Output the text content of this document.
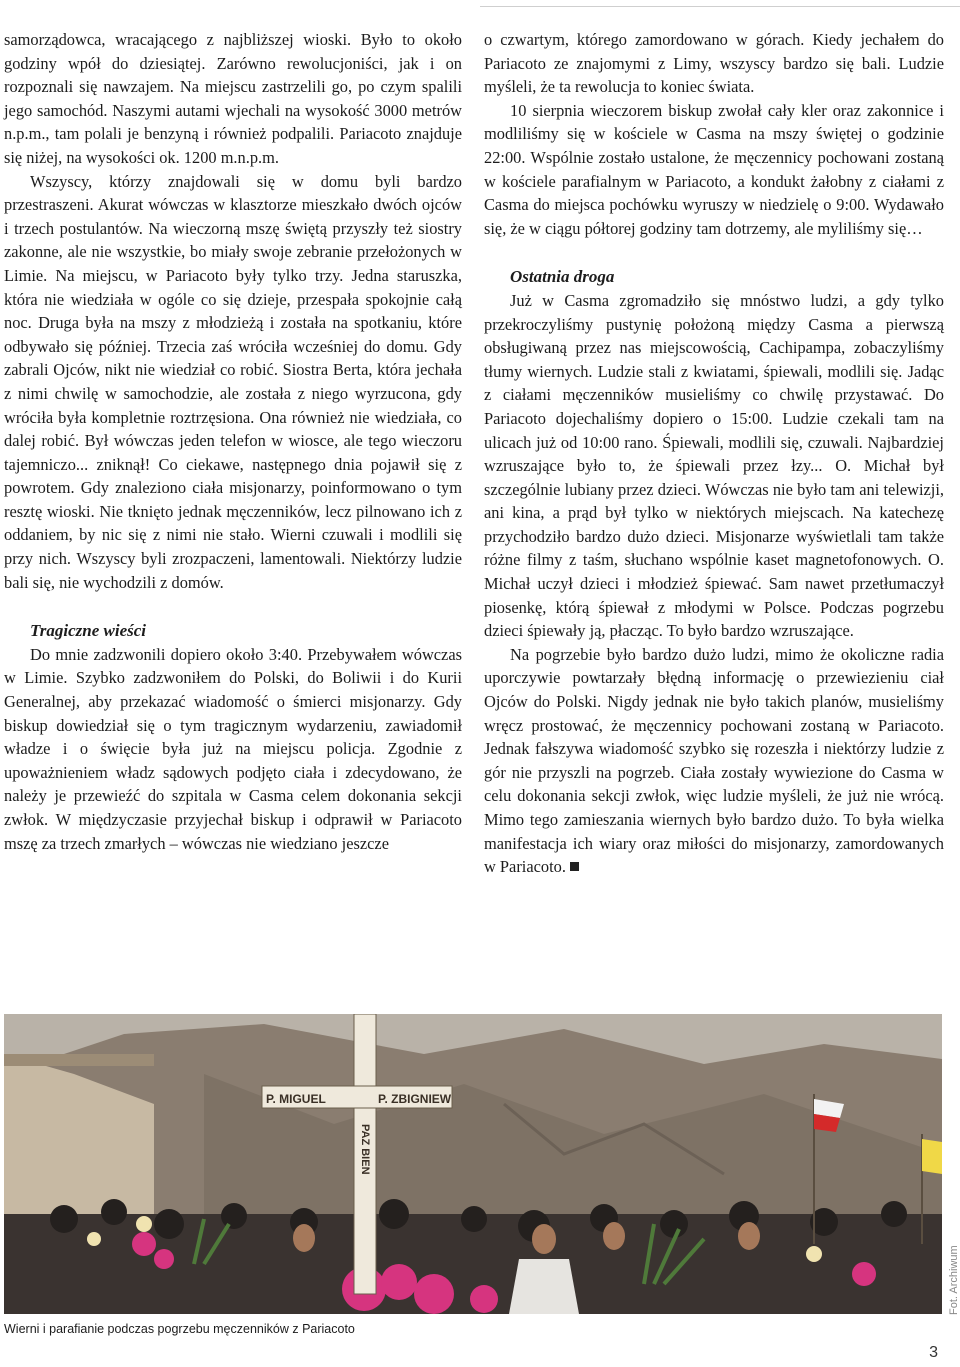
samorządowca, wracającego z najbliższej wioski. Było to około godziny wpół do dziesiątej. Zarówno rewolucjoniści, jak i on rozpoznali się nawzajem. Na miejscu zastrzelili go, po czym spalili jego samochód. Naszymi autami wjechali na wysokość 3000 metrów n.p.m., tam polali je benzyną i również podpalili. Pariacoto znajduje się niżej, na wysokości ok. 1200 m.n.p.m.

Wszyscy, którzy znajdowali się w domu byli bardzo przestraszeni. Akurat wówczas w klasztorze mieszkało dwóch ojców i trzech postulantów. Na wieczorną mszę świętą przyszły też siostry zakonne, ale nie wszystkie, bo miały swoje zebranie przełożonych w Limie. Na miejscu, w Pariacoto były tylko trzy. Jedna staruszka, która nie wiedziała w ogóle co się dzieje, przespała spokojnie całą noc. Druga była na mszy z młodzieżą i została na spotkaniu, które odbywało się później. Trzecia zaś wróciła wcześniej do domu. Gdy zabrali Ojców, nikt nie wiedział co robić. Siostra Berta, która jechała z nimi chwilę w samochodzie, ale została z niego wyrzucona, gdy wróciła była kompletnie roztrzęsiona. Ona również nie wiedziała, co dalej robić. Był wówczas jeden telefon w wiosce, ale tego wieczoru tajemniczo... zniknął! Co ciekawe, następnego dnia pojawił się z powrotem. Gdy znaleziono ciała misjonarzy, poinformowano o tym resztę wioski. Nie tknięto jednak męczenników, lecz pilnowano ich z oddaniem, by nic się z nimi nie stało. Wierni czuwali i modlili się przy nich. Wszyscy byli zrozpaczeni, lamentowali. Niektórzy ludzie bali się, nie wychodzili z domów.

Tragiczne wieści

Do mnie zadzwonili dopiero około 3:40. Przebywałem wówczas w Limie. Szybko zadzwoniłem do Polski, do Boliwii i do Kurii Generalnej, aby przekazać wiadomość o śmierci misjonarzy. Gdy biskup dowiedział się o tym tragicznym wydarzeniu, zawiadomił władze i o święcie była już na miejscu policja. Zgodnie z upoważnieniem władz sądowych podjęto ciała i zdecydowano, że należy je przewieźć do szpitala w Casma celem dokonania sekcji zwłok. W międzyczasie przyjechał biskup i odprawił w Pariacoto mszę za trzech zmarłych – wówczas nie wiedziano jeszcze

o czwartym, którego zamordowano w górach. Kiedy jechałem do Pariacoto ze znajomymi z Limy, wszyscy bardzo się bali. Ludzie myśleli, że ta rewolucja to koniec świata.

10 sierpnia wieczorem biskup zwołał cały kler oraz zakonnice i modliliśmy się w kościele w Casma na mszy świętej o godzinie 22:00. Wspólnie zostało ustalone, że męczennicy pochowani zostaną w kościele parafialnym w Pariacoto, a kondukt żałobny z ciałami z Casma do miejsca pochówku wyruszy w niedzielę o 9:00. Wydawało się, że w ciągu półtorej godziny tam dotrzemy, ale myliliśmy się…

Ostatnia droga

Już w Casma zgromadziło się mnóstwo ludzi, a gdy tylko przekroczyliśmy pustynię położoną między Casma a pierwszą obsługiwaną przez nas miejscowością, Cachipampa, zobaczyliśmy tłumy wiernych. Ludzie stali z kwiatami, śpiewali, modlili się. Jadąc z ciałami męczenników musieliśmy co chwilę przystawać. Do Pariacoto dojechaliśmy dopiero o 15:00. Ludzie czekali tam na ulicach już od 10:00 rano. Śpiewali, modlili się, czuwali. Najbardziej wzruszające było to, że śpiewali przez łzy... O. Michał był szczególnie lubiany przez dzieci. Wówczas nie było tam ani telewizji, ani kina, a prąd był tylko w niektórych miejscach. Na katechezę przychodziło bardzo dużo dzieci. Misjonarze wyświetlali tam także różne filmy z taśm, słuchano wspólnie kaset magnetofonowych. O. Michał uczył dzieci i młodzież śpiewać. Sam nawet przetłumaczył piosenkę, którą śpiewał z młodymi w Polsce. Podczas pogrzebu dzieci śpiewały ją, płacząc. To było bardzo wzruszające.

Na pogrzebie było bardzo dużo ludzi, mimo że okoliczne radia uporczywie powtarzały błędną informację o przewiezieniu ciał Ojców do Polski. Nigdy jednak nie było takich planów, musieliśmy wręcz prostować, że męczennicy pochowani zostaną w Pariacoto. Jednak fałszywa wiadomość szybko się rozeszła i niektórzy ludzie z gór nie przyszli na pogrzeb. Ciała zostały wywiezione do Casma w celu dokonania sekcji zwłok, więc ludzie myśleli, że już nie wrócą. Mimo tego zamieszania wiernych było bardzo dużo. To była wielka manifestacja ich wiary oraz miłości do misjonarzy, zamordowanych w Pariacoto.

P. MIGUEL	P. ZBIGNIEW
PAZ BIEN
Wierni i parafianie podczas pogrzebu męczenników z Pariacoto
Fot. Archiwum
3
